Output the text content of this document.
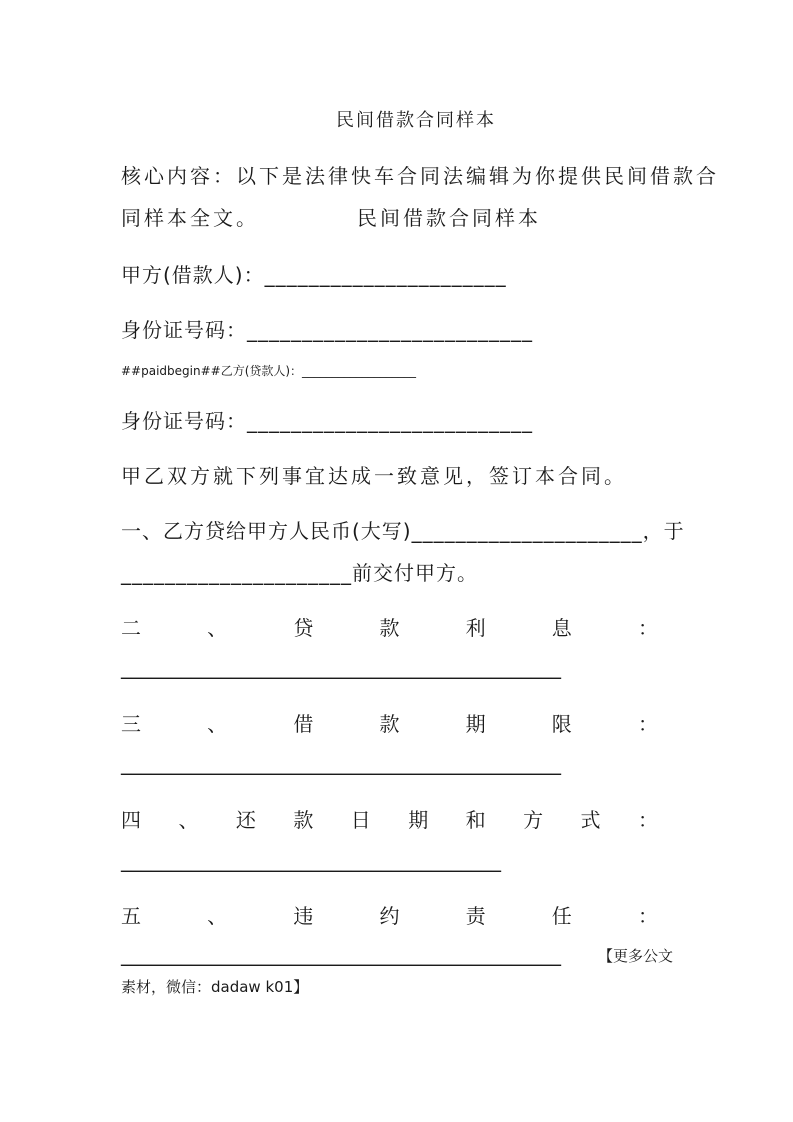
民间借款合同样本

核心内容：以下是法律快车合同法编辑为你提供民间借款合

同样本全文。	民间借款合同样本

甲方(借款人)：______________________

身份证号码：__________________________

##paidbegin##乙方(贷款人)：___________________

身份证号码：__________________________

甲乙双方就下列事宜达成一致意见，签订本合同。

一、乙方贷给甲方人民币(大写)_____________________，于

_____________________前交付甲方。

二	、	贷	款	利	息	：

____________________________________________

三	、	借	款	期	限	：

____________________________________________

四 、 还 款 日 期 和 方 式 ：

______________________________________

五	、	违	约	责	任	：

____________________________________________ 【更多公文

素材，微信：dadaw k01】
